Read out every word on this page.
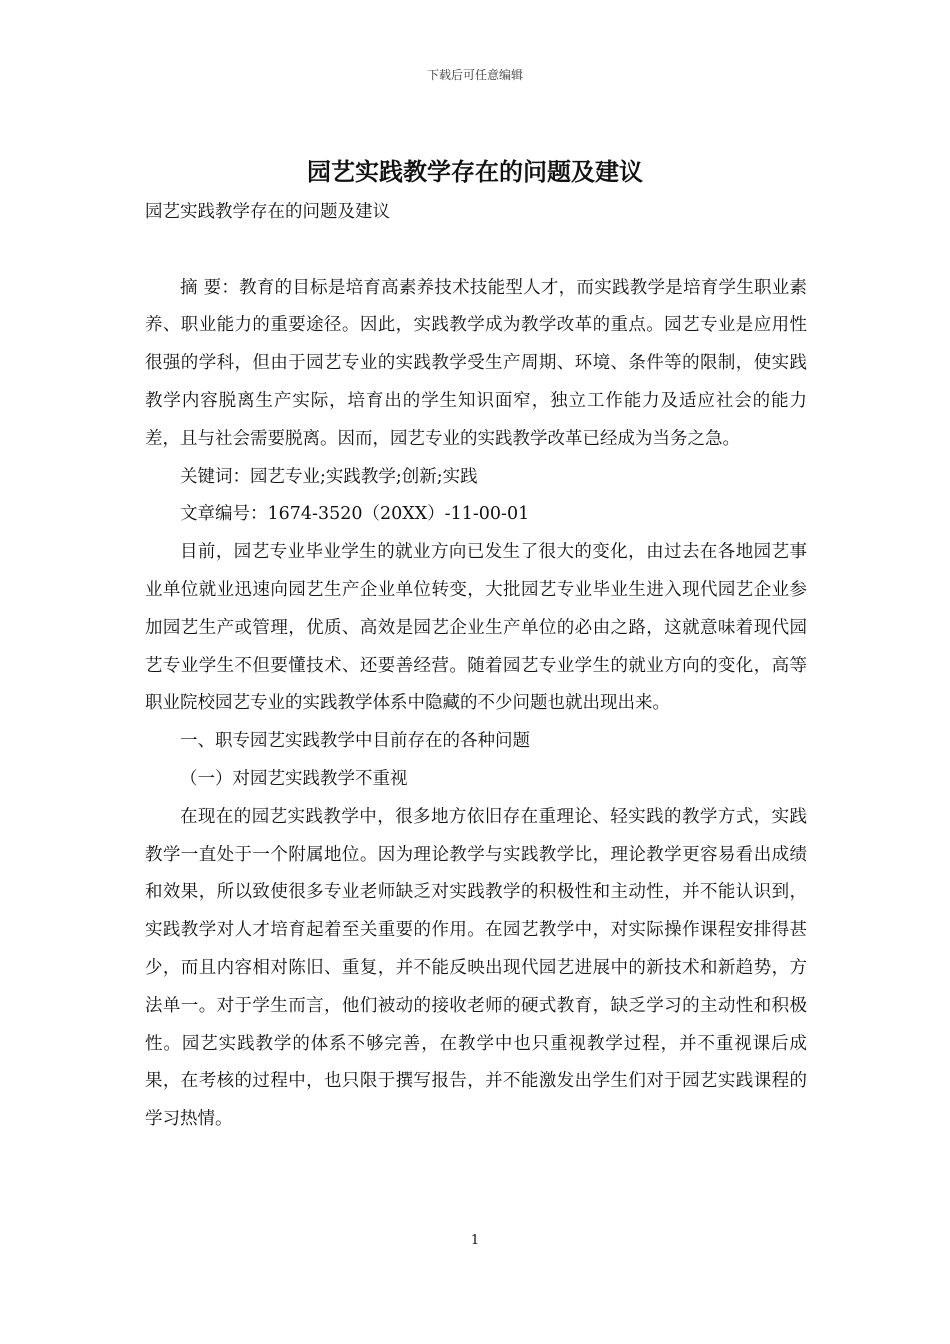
下载后可任意编辑
园艺实践教学存在的问题及建议

园艺实践教学存在的问题及建议

摘 要：教育的目标是培育高素养技术技能型人才，而实践教学是培育学生职业素养、职业能力的重要途径。因此，实践教学成为教学改革的重点。园艺专业是应用性很强的学科，但由于园艺专业的实践教学受生产周期、环境、条件等的限制，使实践教学内容脱离生产实际，培育出的学生知识面窄，独立工作能力及适应社会的能力差，且与社会需要脱离。因而，园艺专业的实践教学改革已经成为当务之急。

关键词：园艺专业;实践教学;创新;实践

文章编号：1674-3520（20XX）-11-00-01

目前，园艺专业毕业学生的就业方向已发生了很大的变化，由过去在各地园艺事业单位就业迅速向园艺生产企业单位转变，大批园艺专业毕业生进入现代园艺企业参加园艺生产或管理，优质、高效是园艺企业生产单位的必由之路，这就意味着现代园艺专业学生不但要懂技术、还要善经营。随着园艺专业学生的就业方向的变化，高等职业院校园艺专业的实践教学体系中隐藏的不少问题也就出现出来。

一、职专园艺实践教学中目前存在的各种问题

（一）对园艺实践教学不重视

在现在的园艺实践教学中，很多地方依旧存在重理论、轻实践的教学方式，实践教学一直处于一个附属地位。因为理论教学与实践教学比，理论教学更容易看出成绩和效果，所以致使很多专业老师缺乏对实践教学的积极性和主动性，并不能认识到，实践教学对人才培育起着至关重要的作用。在园艺教学中，对实际操作课程安排得甚少，而且内容相对陈旧、重复，并不能反映出现代园艺进展中的新技术和新趋势，方法单一。对于学生而言，他们被动的接收老师的硬式教育，缺乏学习的主动性和积极性。园艺实践教学的体系不够完善，在教学中也只重视教学过程，并不重视课后成果，在考核的过程中，也只限于撰写报告，并不能激发出学生们对于园艺实践课程的学习热情。

1
